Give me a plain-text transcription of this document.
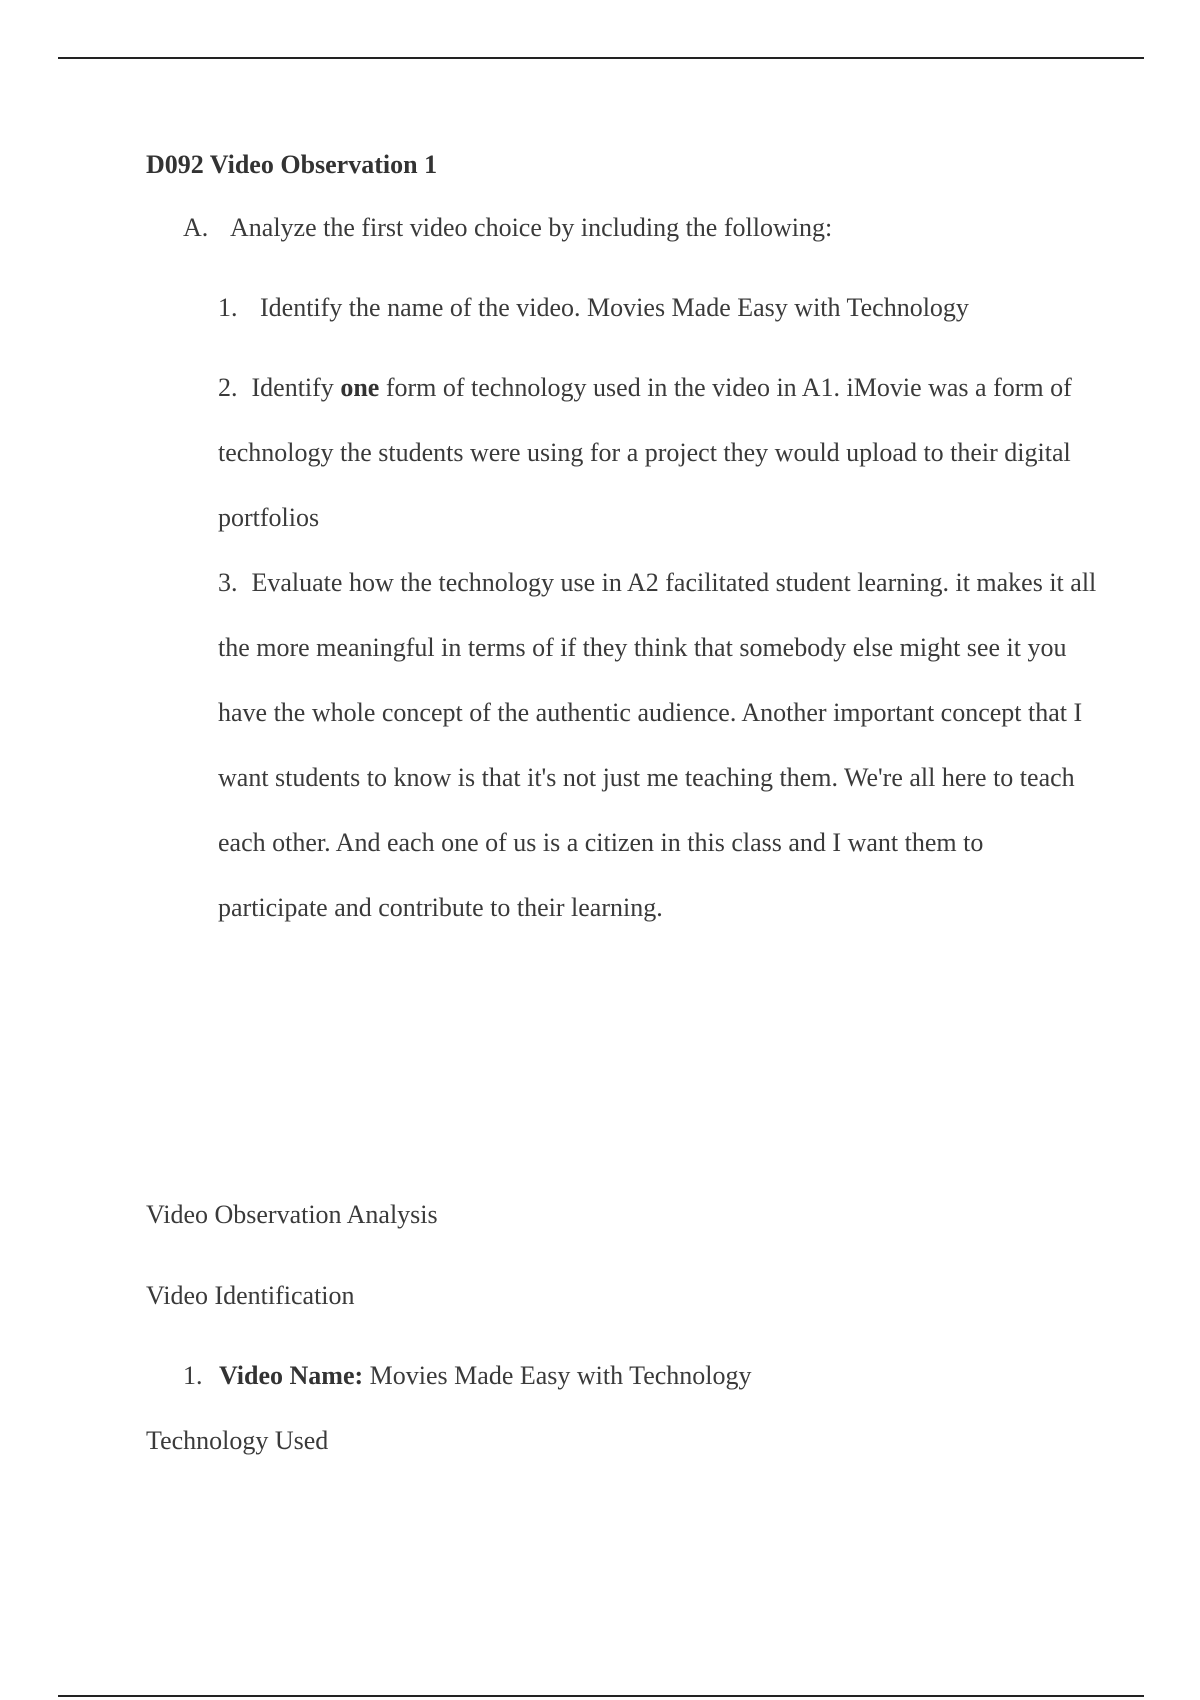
D092 Video Observation 1
A. Analyze the first video choice by including the following:
1. Identify the name of the video. Movies Made Easy with Technology

2. Identify one form of technology used in the video in A1. iMovie was a form of technology the students were using for a project they would upload to their digital portfolios

3. Evaluate how the technology use in A2 facilitated student learning. it makes it all the more meaningful in terms of if they think that somebody else might see it you have the whole concept of the authentic audience. Another important concept that I want students to know is that it's not just me teaching them. We're all here to teach each other. And each one of us is a citizen in this class and I want them to participate and contribute to their learning.

Video Observation Analysis
Video Identification
1. Video Name: Movies Made Easy with Technology
Technology Used
